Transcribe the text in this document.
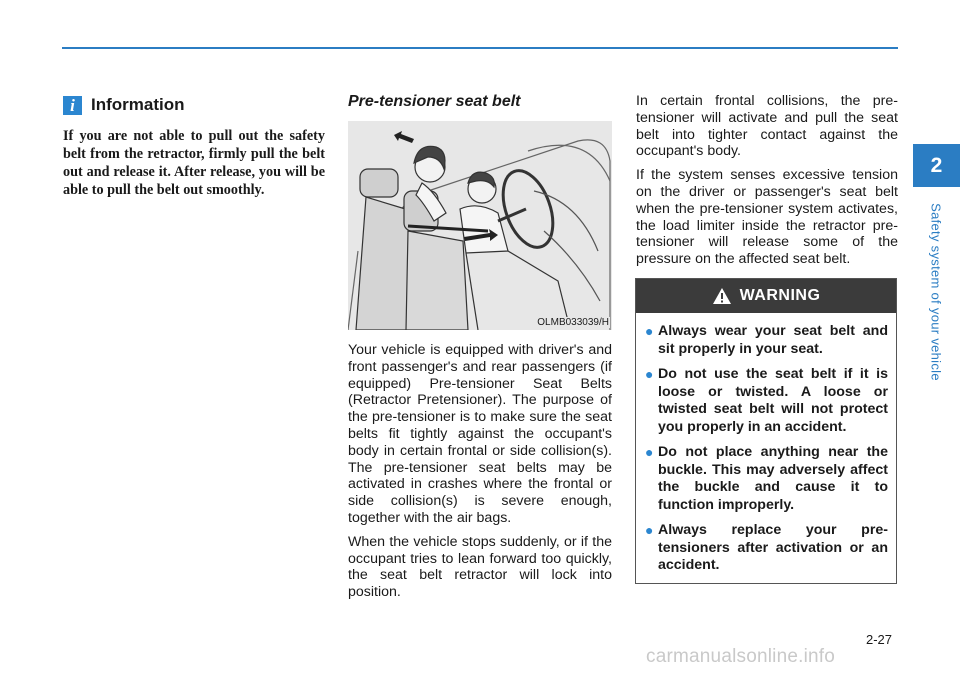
i Information

If you are not able to pull out the safety belt from the retractor, firmly pull the belt out and release it. After release, you will be able to pull the belt out smoothly.

Pre-tensioner seat belt
OLMB033039/H

Your vehicle is equipped with driver's and front passenger's and rear passengers (if equipped) Pre-tensioner Seat Belts (Retractor Pretensioner). The purpose of the pre-tensioner is to make sure the seat belts fit tightly against the occupant's body in certain frontal or side collision(s). The pre-tensioner seat belts may be activated in crashes where the frontal or side collision(s) is severe enough, together with the air bags.

When the vehicle stops suddenly, or if the occupant tries to lean forward too quickly, the seat belt retractor will lock into position.

In certain frontal collisions, the pre-tensioner will activate and pull the seat belt into tighter contact against the occupant's body.

If the system senses excessive tension on the driver or passenger's seat belt when the pre-tensioner system activates, the load limiter inside the retractor pre-tensioner will release some of the pressure on the affected seat belt.

WARNING
● Always wear your seat belt and sit properly in your seat.
● Do not use the seat belt if it is loose or twisted. A loose or twisted seat belt will not protect you properly in an accident.
● Do not place anything near the buckle. This may adversely affect the buckle and cause it to function improperly.
● Always replace your pre-tensioners after activation or an accident.
2
Safety system of your vehicle
2-27
carmanualsonline.info
